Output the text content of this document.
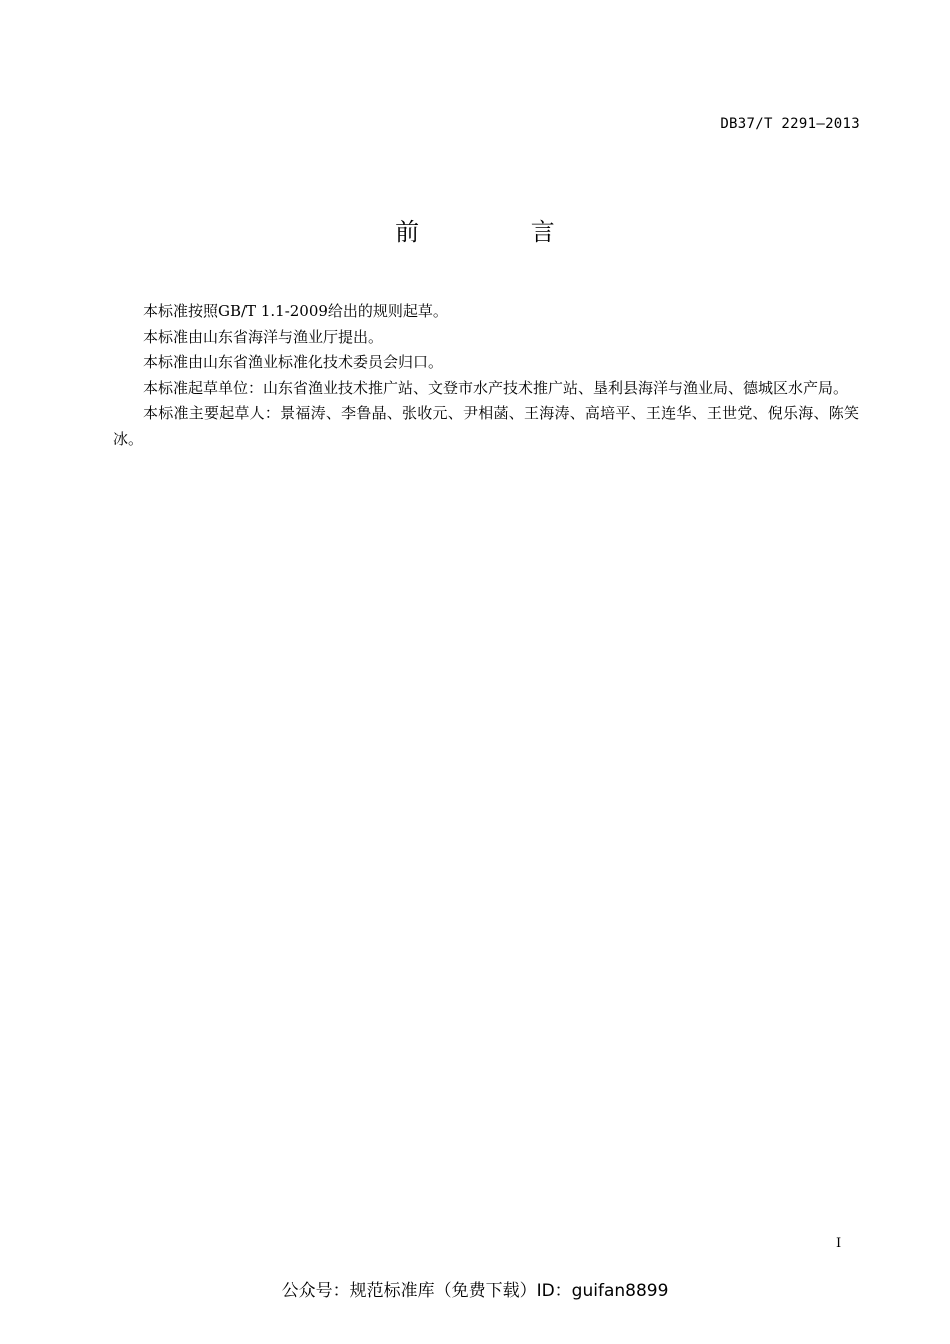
DB37/T 2291—2013
前 言

本标准按照GB/T 1.1-2009给出的规则起草。

本标准由山东省海洋与渔业厅提出。

本标准由山东省渔业标准化技术委员会归口。

本标准起草单位：山东省渔业技术推广站、文登市水产技术推广站、垦利县海洋与渔业局、德城区水产局。

本标准主要起草人：景福涛、李鲁晶、张收元、尹相菡、王海涛、高培平、王连华、王世党、倪乐海、陈笑冰。

I
公众号：规范标准库（免费下载）ID：guifan8899
